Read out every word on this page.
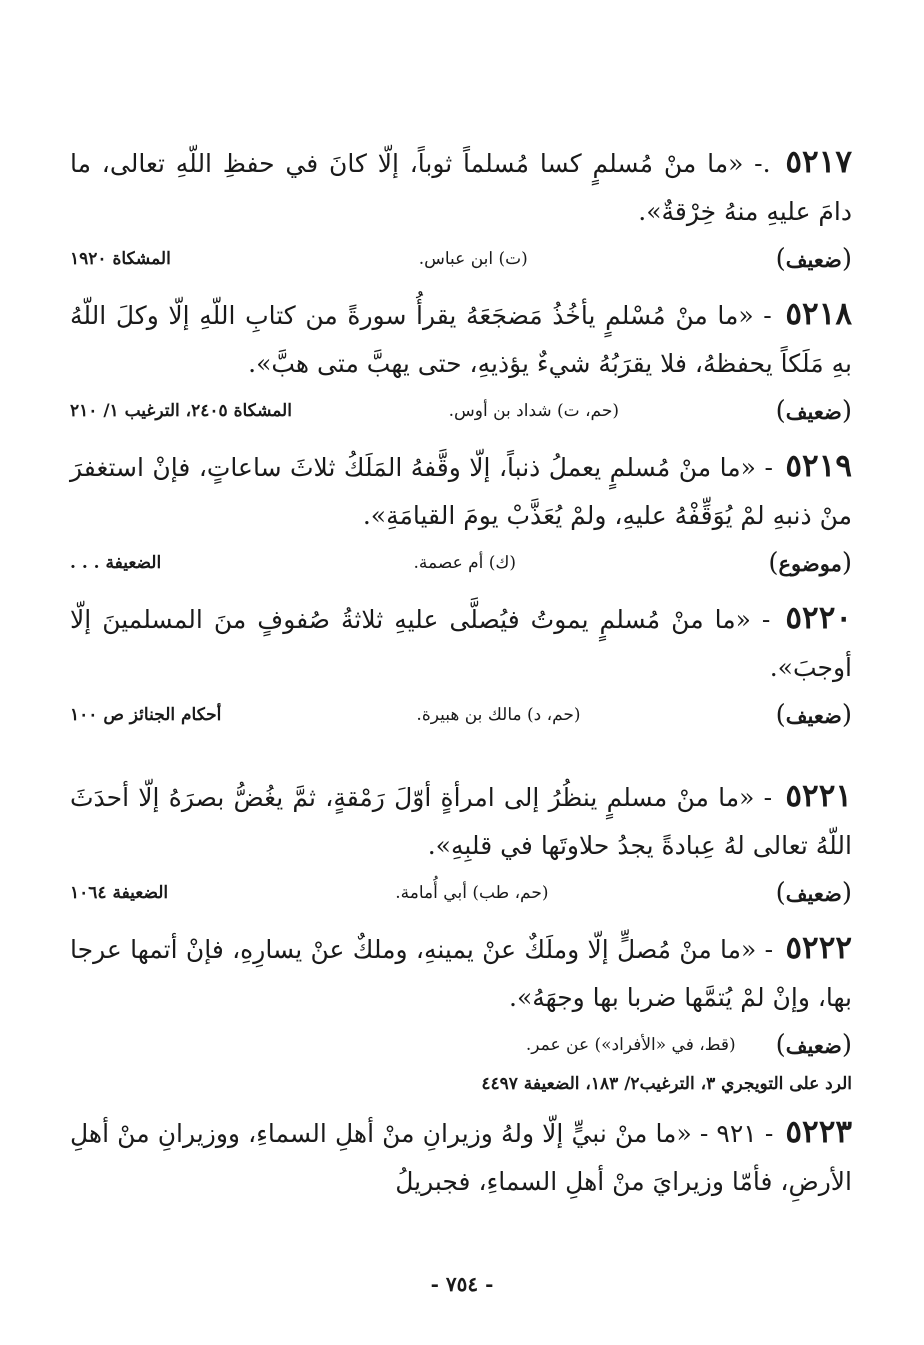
٥٢١٧ .- «ما منْ مُسلمٍ كسا مُسلماً ثوباً، إلّا كانَ في حفظِ اللّهِ تعالى، ما دامَ عليهِ منهُ خِرْقةٌ».

(ضعيف)
(ت) ابن عباس.
المشكاة ١٩٢٠

٥٢١٨ - «ما منْ مُسْلمٍ يأخُذُ مَضجَعَهُ يقرأُ سورةً من كتابِ اللّهِ إلّا وكلَ اللّهُ بهِ مَلَكاً يحفظهُ، فلا يقرَبُهُ شيءٌ يؤذيهِ، حتى يهبَّ متى هبَّ».

(ضعيف)
(حم، ت) شداد بن أوس.
المشكاة ٢٤٠٥، الترغيب ١/ ٢١٠

٥٢١٩ - «ما منْ مُسلمٍ يعملُ ذنباً، إلّا وقَّفهُ المَلَكُ ثلاثَ ساعاتٍ، فإنْ استغفرَ منْ ذنبهِ لمْ يُوَقِّفْهُ عليهِ، ولمْ يُعَذَّبْ يومَ القيامَةِ».

(موضوع)
(ك) أم عصمة.
الضعيفة . . .

٥٢٢٠ - «ما منْ مُسلمٍ يموتُ فيُصلَّى عليهِ ثلاثةُ صُفوفٍ منَ المسلمينَ إلّا أوجبَ».

(ضعيف)
(حم، د) مالك بن هبيرة.
أحكام الجنائز ص ١٠٠

٥٢٢١ - «ما منْ مسلمٍ ينظُرُ إلى امرأةٍ أوّلَ رَمْقةٍ، ثمَّ يغُضُّ بصرَهُ إلّا أحدَثَ اللّهُ تعالى لهُ عِبادةً يجدُ حلاوتَها في قلبِهِ».

(ضعيف)
(حم، طب) أبي أُمامة.
الضعيفة ١٠٦٤

٥٢٢٢ - «ما منْ مُصلٍّ إلّا وملَكٌ عنْ يمينهِ، وملكٌ عنْ يسارِهِ، فإنْ أتمها عرجا بها، وإنْ لمْ يُتمَّها ضربا بها وجهَهُ».

(ضعيف)
(قط، في «الأفراد») عن عمر.
الرد على التويجري ٣، الترغيب٢/ ١٨٣، الضعيفة ٤٤٩٧

٥٢٢٣ - ٩٢١ - «ما منْ نبيٍّ إلّا ولهُ وزيرانِ منْ أهلِ السماءِ، ووزيرانِ منْ أهلِ الأرضِ، فأمّا وزيرايَ منْ أهلِ السماءِ، فجبريلُ

- ٧٥٤ -
